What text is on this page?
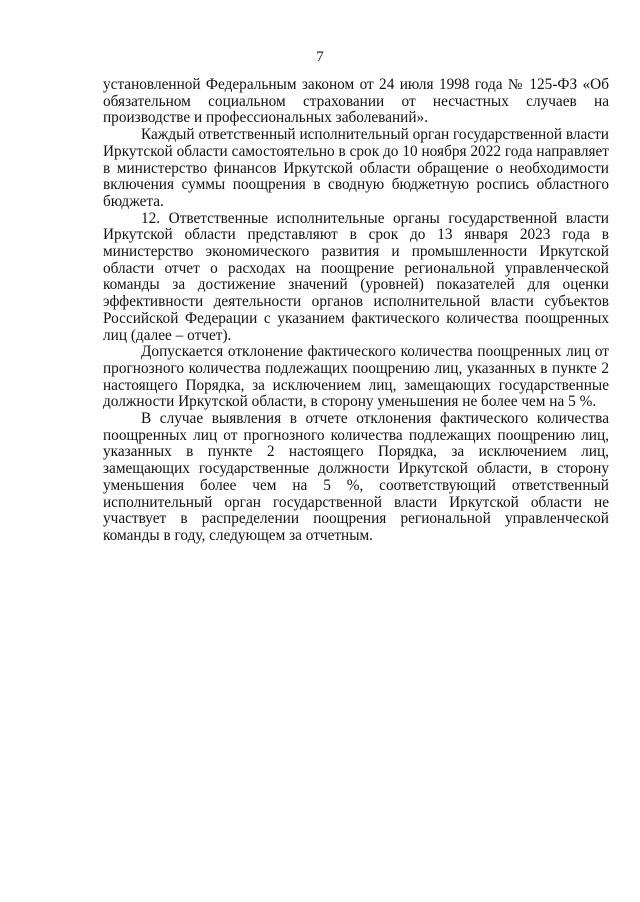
7

установленной Федеральным законом от 24 июля 1998 года № 125-ФЗ «Об обязательном социальном страховании от несчастных случаев на производстве и профессиональных заболеваний».

Каждый ответственный исполнительный орган государственной власти Иркутской области самостоятельно в срок до 10 ноября 2022 года направляет в министерство финансов Иркутской области обращение о необходимости включения суммы поощрения в сводную бюджетную роспись областного бюджета.

12. Ответственные исполнительные органы государственной власти Иркутской области представляют в срок до 13 января 2023 года в министерство экономического развития и промышленности Иркутской области отчет о расходах на поощрение региональной управленческой команды за достижение значений (уровней) показателей для оценки эффективности деятельности органов исполнительной власти субъектов Российской Федерации с указанием фактического количества поощренных лиц (далее – отчет).

Допускается отклонение фактического количества поощренных лиц от прогнозного количества подлежащих поощрению лиц, указанных в пункте 2 настоящего Порядка, за исключением лиц, замещающих государственные должности Иркутской области, в сторону уменьшения не более чем на 5 %.

В случае выявления в отчете отклонения фактического количества поощренных лиц от прогнозного количества подлежащих поощрению лиц, указанных в пункте 2 настоящего Порядка, за исключением лиц, замещающих государственные должности Иркутской области, в сторону уменьшения более чем на 5 %, соответствующий ответственный исполнительный орган государственной власти Иркутской области не участвует в распределении поощрения региональной управленческой команды в году, следующем за отчетным.
